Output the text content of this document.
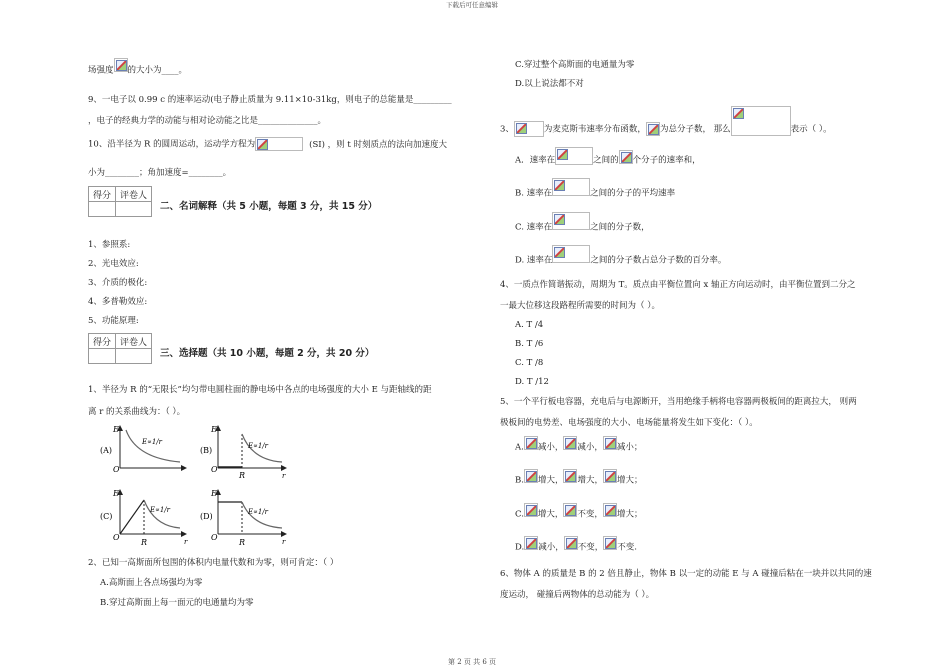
下载后可任意编辑
场强度 的大小为____。
9、一电子以 0.99 c 的速率运动(电子静止质量为 9.11×10-31kg，则电子的总能量是_________
，电子的经典力学的动能与相对论动能之比是______________。
10、沿半径为 R 的圆周运动，运动学方程为	(SI) ，则 t 时刻质点的法向加速度大
小为________；角加速度=________。
得分	评卷人

二、名词解释（共 5 小题，每题 3 分，共 15 分）
1、参照系:
2、光电效应:
3、介质的极化:
4、多普勒效应:
5、功能原理:
得分	评卷人

三、选择题（共 10 小题，每题 2 分，共 20 分）
1、半径为 R 的“无限长”均匀带电圆柱面的静电场中各点的电场强度的大小 E 与距轴线的距
离 r 的关系曲线为：（ ）。
E
O
(A)
E∝1/r
E
O
R	r
(B)	E∝1/r
E
O
R	r
(C)
E∝1/r
E
O
R	r
(D)	E∝1/r
2、已知一高斯面所包围的体积内电量代数和为零，则可肯定：（ ）
A.高斯面上各点场强均为零
B.穿过高斯面上每一面元的电通量均为零
C.穿过整个高斯面的电通量为零
D.以上说法都不对
3、	为麦克斯韦速率分布函数， 为总分子数， 那么	表示（ ）。
A．速率在	之间的 个分子的速率和，
B. 速率在	之间的分子的平均速率
C. 速率在	之间的分子数，
D. 速率在	之间的分子数占总分子数的百分率。
4、一质点作简谐振动，周期为 T。质点由平衡位置向 x 轴正方向运动时，由平衡位置到二分之
一最大位移这段路程所需要的时间为（ ）。
A. T /4
B. T /6
C. T /8
D. T /12
5、一个平行板电容器，充电后与电源断开，当用绝缘手柄将电容器两极板间的距离拉大， 则两
极板间的电势差、电场强度的大小、电场能量将发生如下变化：（ ）。
A. 减小， 减小， 减小；
B. 增大， 增大， 增大；
C. 增大， 不变， 增大；
D. 减小， 不变， 不变.
6、物体 A 的质量是 B 的 2 倍且静止，物体 B 以一定的动能 E 与 A 碰撞后粘在一块并以共同的速
度运动， 碰撞后两物体的总动能为（ ）。
第 2 页 共 6 页
